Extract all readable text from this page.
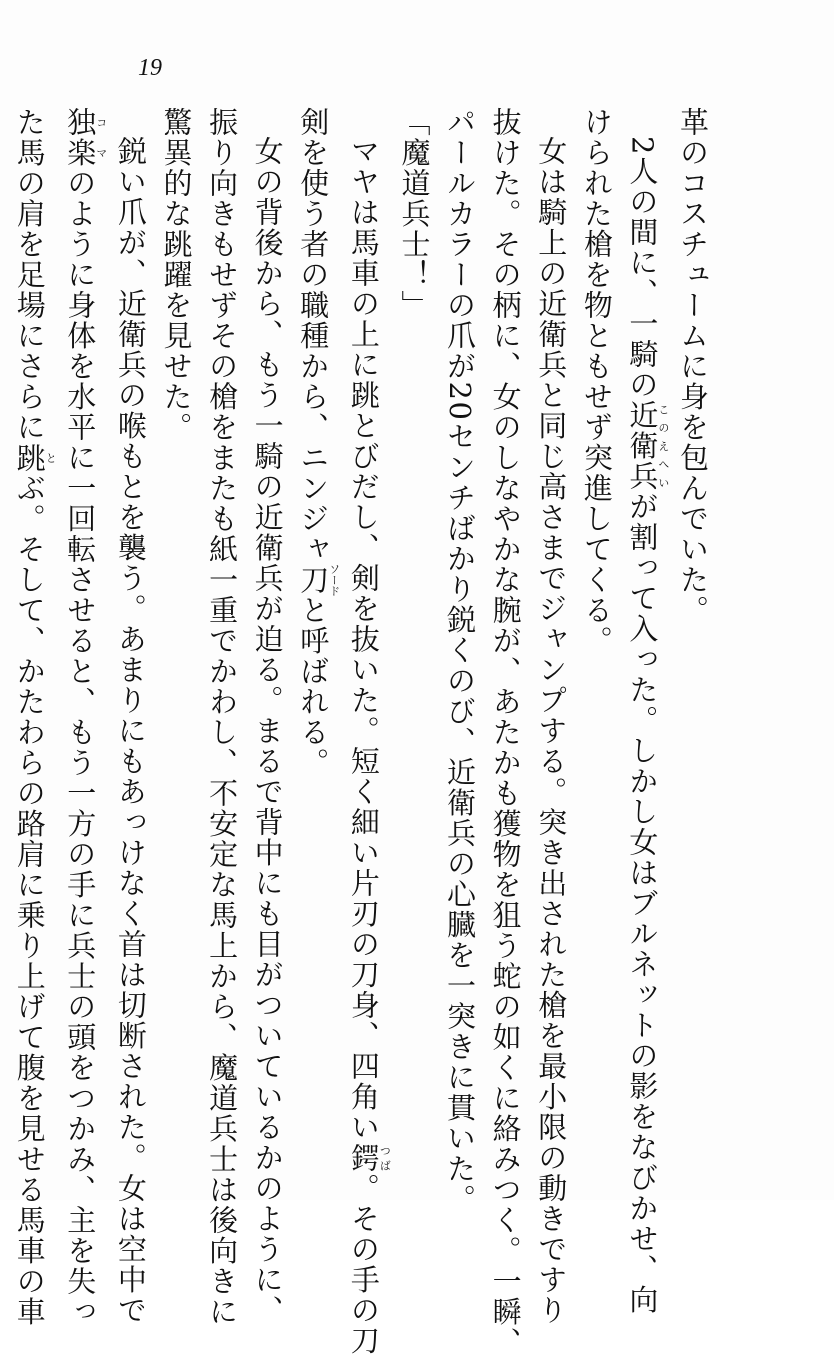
19
革のコスチュームに身を包んでいた。
2人の間に、一騎の近衛兵このえへいが割って入った。しかし女はブルネットの影をなびかせ、向
けられた槍を物ともせず突進してくる。
女は騎上の近衛兵と同じ高さまでジャンプする。突き出された槍を最小限の動きですり
抜けた。その柄に、女のしなやかな腕が、あたかも獲物を狙う蛇の如くに絡みつく。一瞬、
パールカラーの爪が20センチばかり鋭くのび、近衛兵の心臓を一突きに貫いた。
「魔道兵士！」
マヤは馬車の上に跳とびだし、剣を抜いた。短く細い片刃の刀身、四角い鍔つば。その手の刀
剣を使う者の職種から、ニンジャ刀ソードと呼ばれる。
女の背後から、もう一騎の近衛兵が迫る。まるで背中にも目がついているかのように、
振り向きもせずその槍をまたも紙一重でかわし、不安定な馬上から、魔道兵士は後向きに
驚異的な跳躍を見せた。
鋭い爪が、近衛兵の喉もとを襲う。あまりにもあっけなく首は切断された。女は空中で
独楽コマのように身体を水平に一回転させると、もう一方の手に兵士の頭をつかみ、主を失っ
た馬の肩を足場にさらに跳とぶ。そして、かたわらの路肩に乗り上げて腹を見せる馬車の車
